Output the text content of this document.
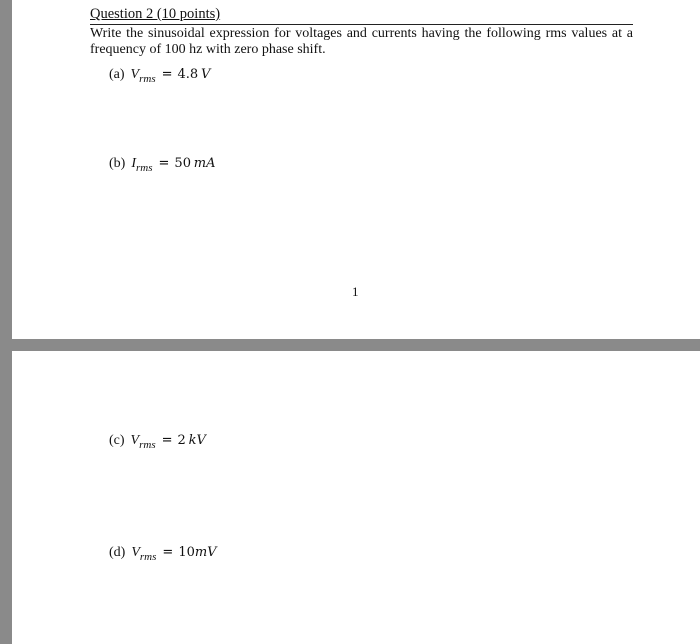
Question 2 (10 points)
Write the sinusoidal expression for voltages and currents having the following rms values at a frequency of 100 hz with zero phase shift.
(a) $V_{rms} = 4.8$  V
(b) $I_{rms} = 50$  mA
1
(c) $V_{rms} = 2$  kV
(d) $V_{rms} = 10mV$
